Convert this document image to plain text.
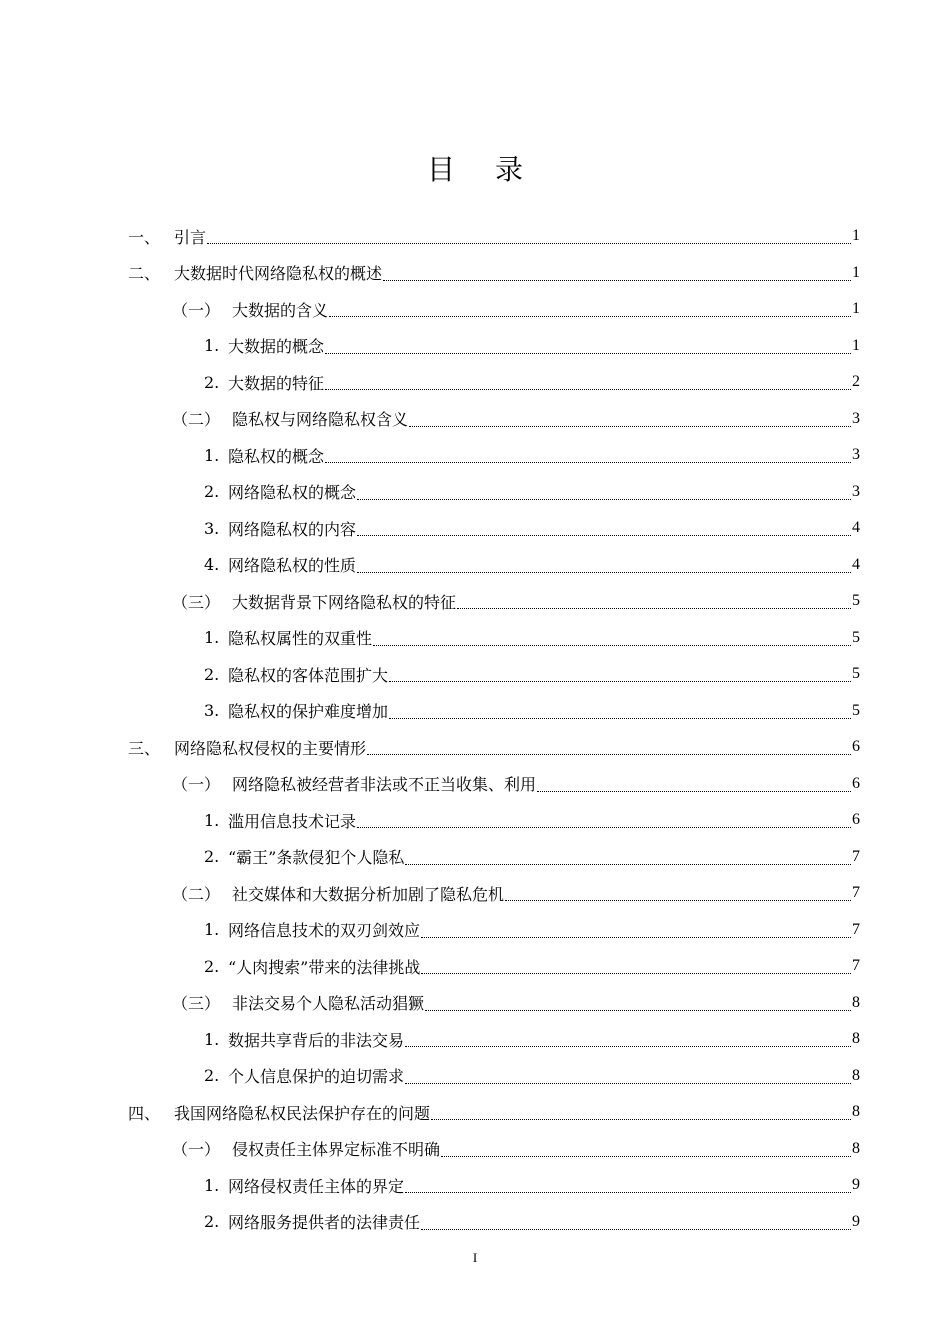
目 录
一、 引言	1
二、 大数据时代网络隐私权的概述	1
（一） 大数据的含义	1
1. 大数据的概念	1
2. 大数据的特征	2
（二） 隐私权与网络隐私权含义	3
1. 隐私权的概念	3
2. 网络隐私权的概念	3
3. 网络隐私权的内容	4
4. 网络隐私权的性质	4
（三） 大数据背景下网络隐私权的特征	5
1. 隐私权属性的双重性	5
2. 隐私权的客体范围扩大	5
3. 隐私权的保护难度增加	5
三、 网络隐私权侵权的主要情形	6
（一） 网络隐私被经营者非法或不正当收集、利用	6
1. 滥用信息技术记录	6
2. “霸王”条款侵犯个人隐私	7
（二） 社交媒体和大数据分析加剧了隐私危机	7
1. 网络信息技术的双刃剑效应	7
2. “人肉搜索”带来的法律挑战	7
（三） 非法交易个人隐私活动猖獗	8
1. 数据共享背后的非法交易	8
2. 个人信息保护的迫切需求	8
四、 我国网络隐私权民法保护存在的问题	8
（一） 侵权责任主体界定标准不明确	8
1. 网络侵权责任主体的界定	9
2. 网络服务提供者的法律责任	9
I
